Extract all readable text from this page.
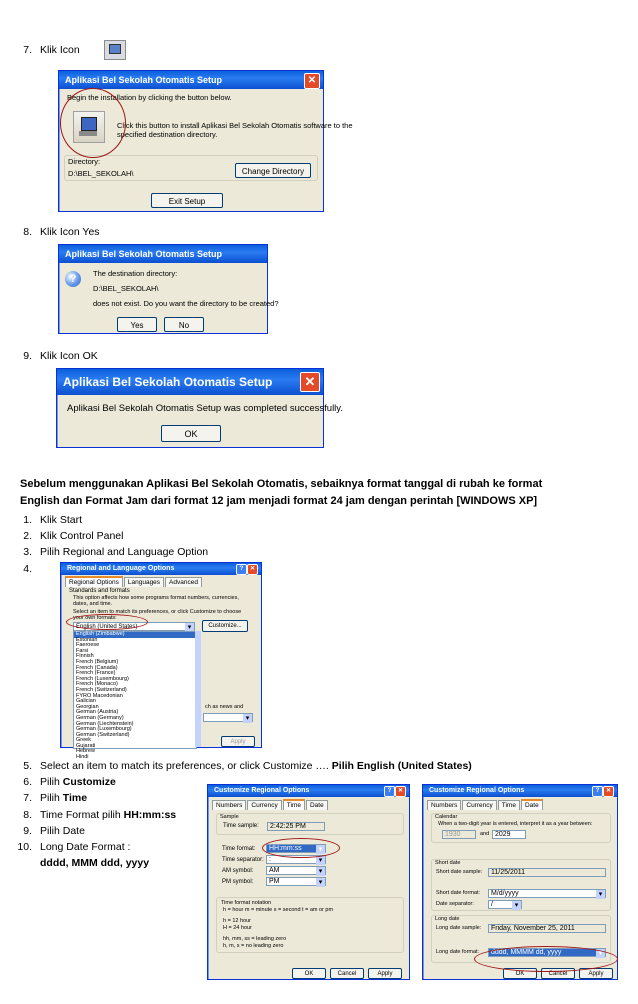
7. Klik Icon
Aplikasi Bel Sekolah Otomatis Setup	✕
Begin the installation by clicking the button below.
Click this button to install Aplikasi Bel Sekolah Otomatis software to the
specified destination directory.
Directory:
D:\BEL_SEKOLAH\	Change Directory
Exit Setup
8. Klik Icon Yes
Aplikasi Bel Sekolah Otomatis Setup
?	The destination directory:
D:\BEL_SEKOLAH\
does not exist. Do you want the directory to be created?
Yes	No
9. Klik Icon OK
Aplikasi Bel Sekolah Otomatis Setup	✕
Aplikasi Bel Sekolah Otomatis Setup was completed successfully.
OK
Sebelum menggunakan Aplikasi Bel Sekolah Otomatis, sebaiknya format tanggal di rubah ke format
English dan Format Jam dari format 12 jam menjadi format 24 jam dengan perintah [WINDOWS XP]
1. Klik Start
2. Klik Control Panel
3. Pilih Regional and Language Option
4.	Regional and Language Options	?	✕
Regional Options Languages Advanced
Standards and formats
This option affects how some programs format numbers, currencies,
dates, and time.
Select an item to match its preferences, or click Customize to choose
your own formats:
English (United States) ▾	Customize...
English (Zimbabwe)
Estonian
Faeroese
Farsi
Finnish
French (Belgium)
French (Canada)
French (France)
French (Luxembourg)
French (Monaco)
French (Switzerland)
FYRO Macedonian
Galician
Georgian
German (Austria)
German (Germany)
German (Liechtenstein)
German (Luxembourg)
German (Switzerland)
Greek
Gujarati
Hebrew
Hindi
ch as news and
▾
Apply
5. Select an item to match its preferences, or click Customize …. Pilih English (United States)
6. Pilih Customize
7. Pilih Time
8. Time Format pilih HH:mm:ss
9. Pilih Date
10. Long Date Format :
dddd, MMM ddd, yyyy
Customize Regional Options	?	✕
Numbers Currency Time Date
Sample
Time sample:	2:42:25 PM
Time format:	HH:mm:ss ▾
Time separator: : ▾
AM symbol:	AM ▾
PM symbol:	PM ▾
Time format notation
h = hour m = minute s = second t = am or pm
h = 12 hour
H = 24 hour
hh, mm, ss = leading zero
h, m, s = no leading zero
OK	Cancel	Apply
Customize Regional Options	?	✕
Numbers Currency Time Date
Calendar
When a two-digit year is entered, interpret it as a year between:
1930	and 2029
Short date
Short date sample:	11/25/2011
Short date format:	M/d/yyyy ▾
Date separator:	/ ▾
Long date
Long date sample:	Friday, November 25, 2011
Long date format:	dddd, MMMM dd, yyyy ▾
OK	Cancel	Apply
